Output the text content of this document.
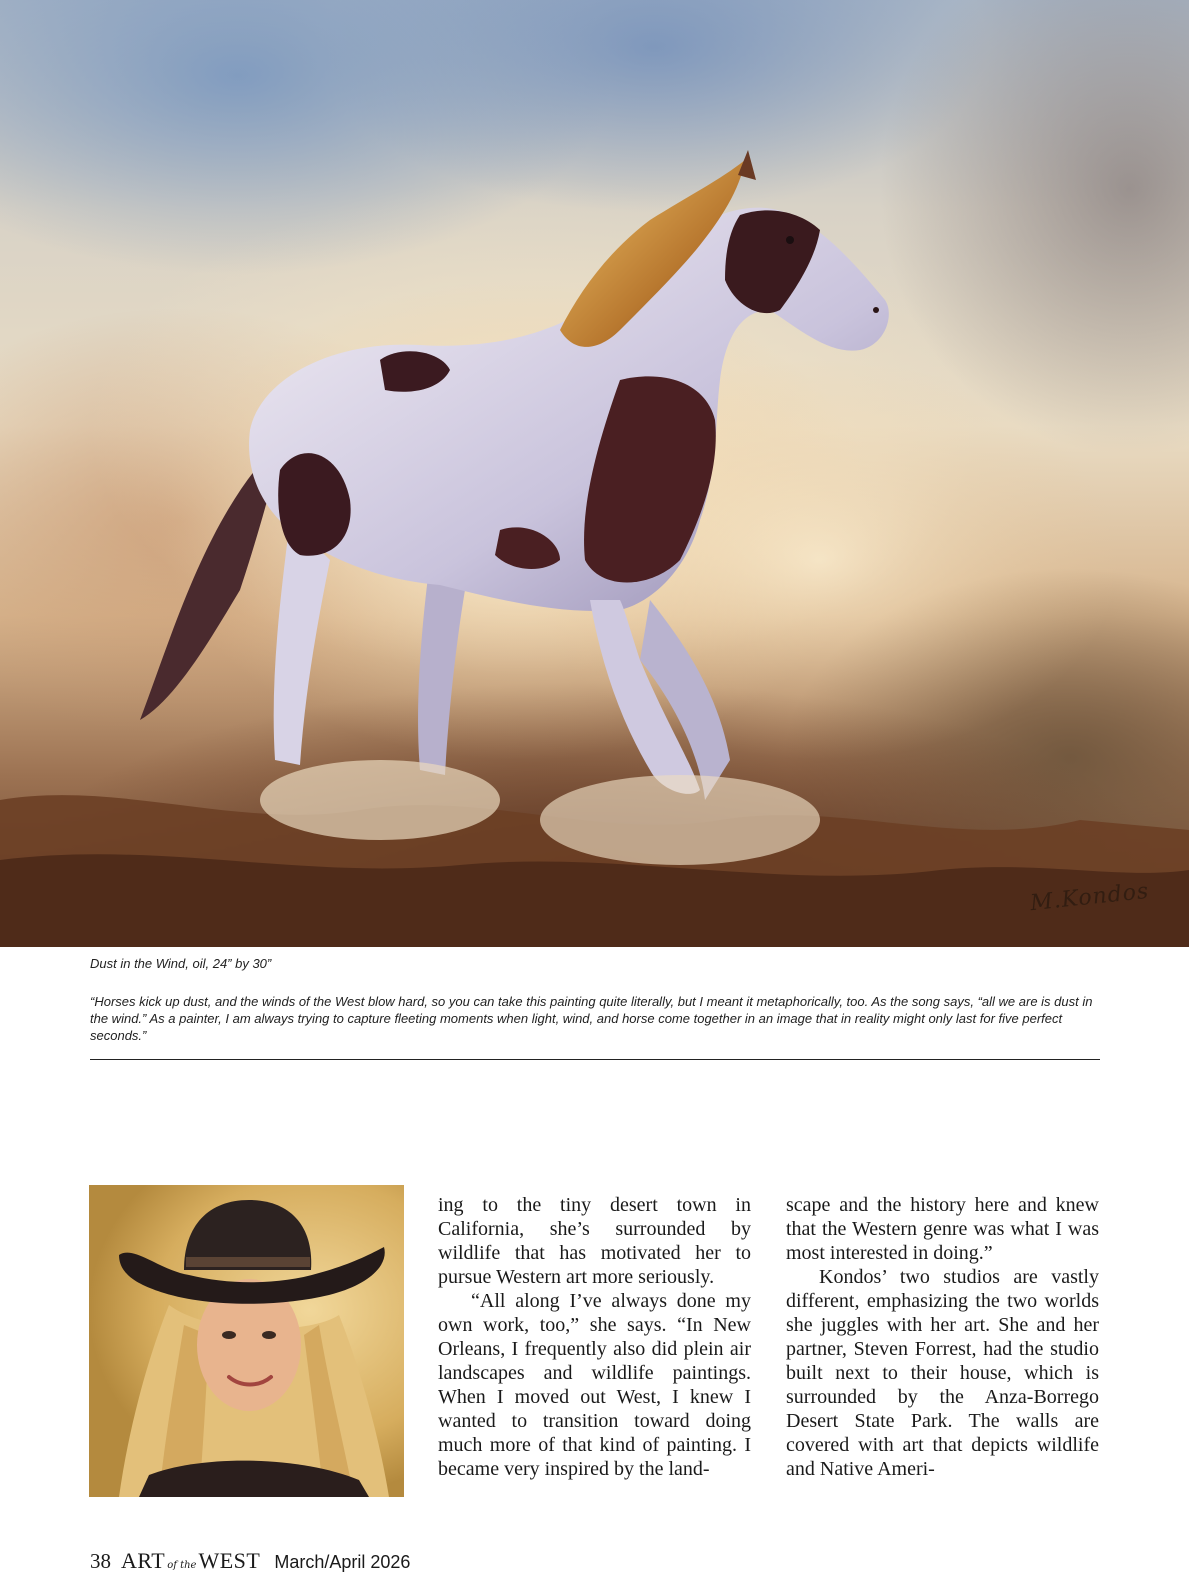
M.Kondos
Dust in the Wind, oil, 24” by 30”
“Horses kick up dust, and the winds of the West blow hard, so you can take this painting quite literally, but I meant it metaphorically, too. As the song says, “all we are is dust in the wind.” As a painter, I am always trying to capture fleeting moments when light, wind, and horse come together in an image that in reality might only last for five perfect seconds.”

ing to the tiny desert town in California, she’s surrounded by wildlife that has motivated her to pursue Western art more seriously.

“All along I’ve always done my own work, too,” she says. “In New Orleans, I frequently also did plein air landscapes and wildlife paintings. When I moved out West, I knew I wanted to transition toward doing much more of that kind of painting. I became very inspired by the land-

scape and the history here and knew that the Western genre was what I was most interested in doing.”

Kondos’ two studios are vastly different, emphasizing the two worlds she juggles with her art. She and her partner, Steven Forrest, had the studio built next to their house, which is surrounded by the Anza-Borrego Desert State Park. The walls are covered with art that depicts wildlife and Native Ameri-

38 ART of the WEST March/April 2026
